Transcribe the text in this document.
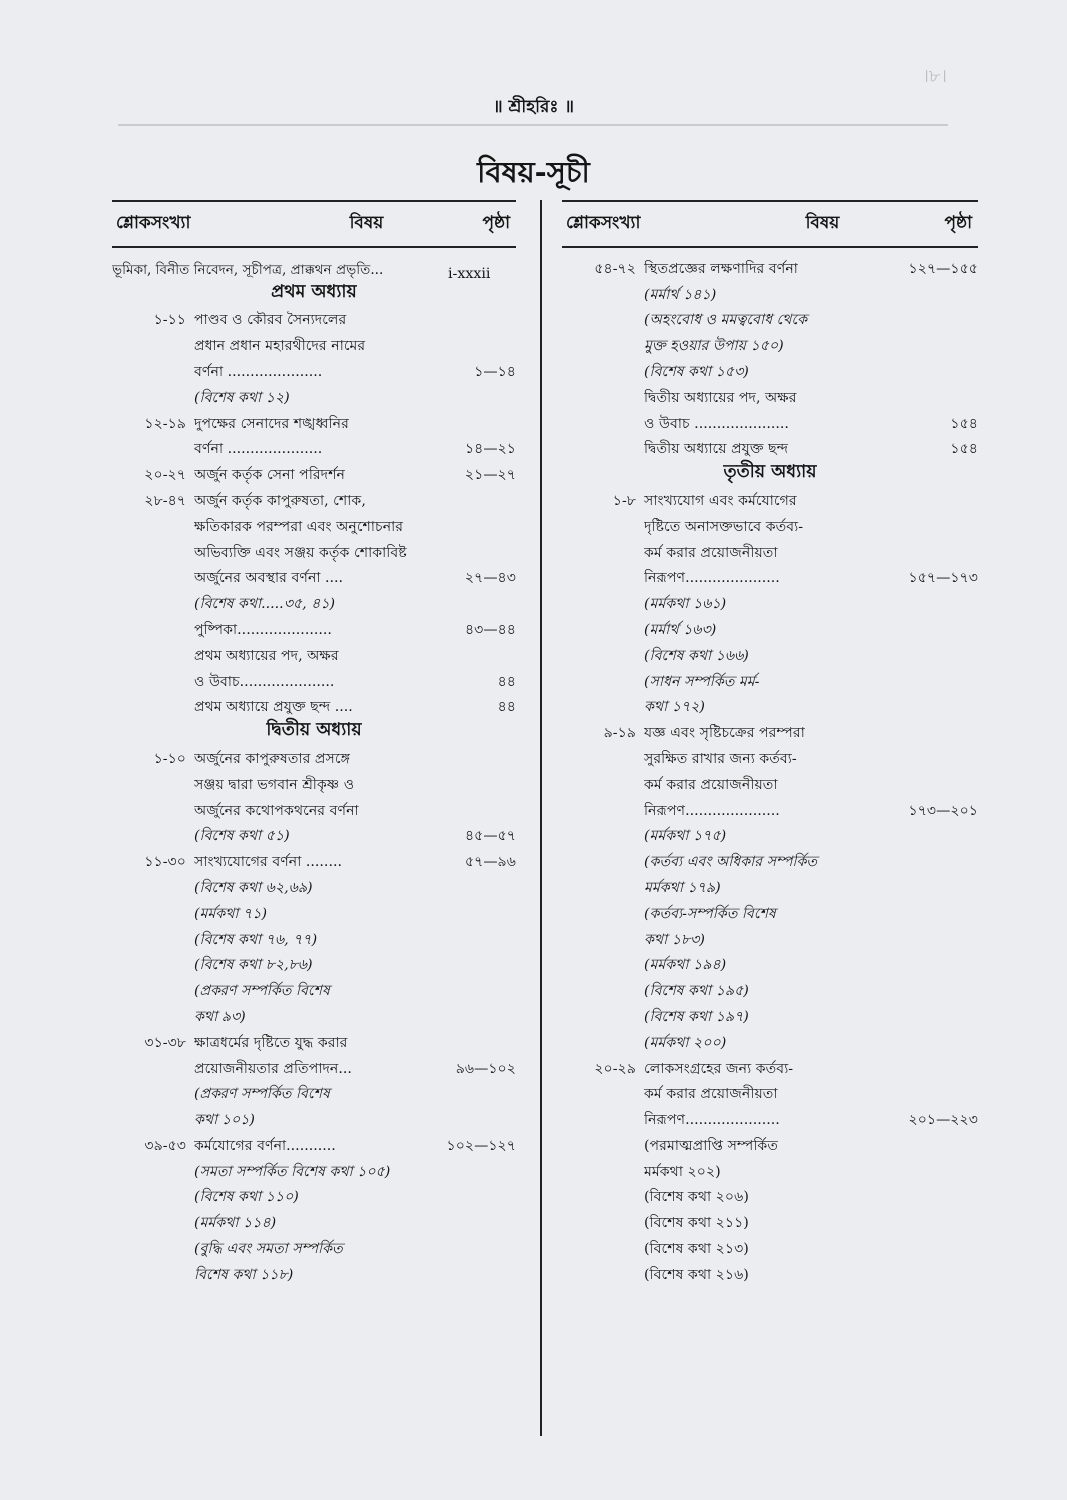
।৮।
॥ শ্রীহরিঃ ॥
বিষয়-সূচী
শ্লোকসংখ্যা	বিষয়	পৃষ্ঠা
ভূমিকা, বিনীত নিবেদন, সূচীপত্র, প্রাক্কথন প্রভৃতি...	i-xxxii
প্রথম অধ্যায়
১-১১ পাণ্ডব ও কৌরব সৈন্যদলের
প্রধান প্রধান মহারথীদের নামের
বর্ণনা .....................	১—১৪
(বিশেষ কথা ১২)
১২-১৯ দুপক্ষের সেনাদের শঙ্খধ্বনির
বর্ণনা .....................	১৪—২১
২০-২৭ অর্জুন কর্তৃক সেনা পরিদর্শন	২১—২৭
২৮-৪৭ অর্জুন কর্তৃক কাপুরুষতা, শোক,
ক্ষতিকারক পরম্পরা এবং অনুশোচনার
অভিব্যক্তি এবং সঞ্জয় কর্তৃক শোকাবিষ্ট
অর্জুনের অবস্থার বর্ণনা ....	২৭—৪৩
(বিশেষ কথা.....৩৫, ৪১)
পুষ্পিকা.....................	৪৩—৪৪
প্রথম অধ্যায়ের পদ, অক্ষর
ও উবাচ.....................	৪৪
প্রথম অধ্যায়ে প্রযুক্ত ছন্দ ....	৪৪
দ্বিতীয় অধ্যায়
১-১০ অর্জুনের কাপুরুষতার প্রসঙ্গে
সঞ্জয় দ্বারা ভগবান শ্রীকৃষ্ণ ও
অর্জুনের কথোপকথনের বর্ণনা
(বিশেষ কথা ৫১)	৪৫—৫৭
১১-৩০ সাংখ্যযোগের বর্ণনা ........	৫৭—৯৬
(বিশেষ কথা ৬২,৬৯)
(মর্মকথা ৭১)
(বিশেষ কথা ৭৬, ৭৭)
(বিশেষ কথা ৮২,৮৬)
(প্রকরণ সম্পর্কিত বিশেষ
কথা ৯৩)
৩১-৩৮ ক্ষাত্রধর্মের দৃষ্টিতে যুদ্ধ করার
প্রয়োজনীয়তার প্রতিপাদন...	৯৬—১০২
(প্রকরণ সম্পর্কিত বিশেষ
কথা ১০১)
৩৯-৫৩ কর্মযোগের বর্ণনা...........	১০২—১২৭
(সমতা সম্পর্কিত বিশেষ কথা ১০৫)
(বিশেষ কথা ১১০)
(মর্মকথা ১১৪)
(বুদ্ধি এবং সমতা সম্পর্কিত
বিশেষ কথা ১১৮)
শ্লোকসংখ্যা	বিষয়	পৃষ্ঠা
৫৪-৭২ স্থিতপ্রজ্ঞের লক্ষণাদির বর্ণনা	১২৭—১৫৫
(মর্মার্থ ১৪১)
(অহংবোধ ও মমত্ববোধ থেকে
মুক্ত হওয়ার উপায় ১৫০)
(বিশেষ কথা ১৫৩)
দ্বিতীয় অধ্যায়ের পদ, অক্ষর
ও উবাচ .....................	১৫৪
দ্বিতীয় অধ্যায়ে প্রযুক্ত ছন্দ	১৫৪
তৃতীয় অধ্যায়
১-৮ সাংখ্যযোগ এবং কর্মযোগের
দৃষ্টিতে অনাসক্তভাবে কর্তব্য-
কর্ম করার প্রয়োজনীয়তা
নিরূপণ.....................	১৫৭—১৭৩
(মর্মকথা ১৬১)
(মর্মার্থ ১৬৩)
(বিশেষ কথা ১৬৬)
(সাধন সম্পর্কিত মর্ম-
কথা ১৭২)
৯-১৯ যজ্ঞ এবং সৃষ্টিচক্রের পরম্পরা
সুরক্ষিত রাখার জন্য কর্তব্য-
কর্ম করার প্রয়োজনীয়তা
নিরূপণ.....................	১৭৩—২০১
(মর্মকথা ১৭৫)
(কর্তব্য এবং অধিকার সম্পর্কিত
মর্মকথা ১৭৯)
(কর্তব্য-সম্পর্কিত বিশেষ
কথা ১৮৩)
(মর্মকথা ১৯৪)
(বিশেষ কথা ১৯৫)
(বিশেষ কথা ১৯৭)
(মর্মকথা ২০০)
২০-২৯ লোকসংগ্রহের জন্য কর্তব্য-
কর্ম করার প্রয়োজনীয়তা
নিরূপণ.....................	২০১—২২৩
(পরমাত্মপ্রাপ্তি সম্পর্কিত
মর্মকথা ২০২)
(বিশেষ কথা ২০৬)
(বিশেষ কথা ২১১)
(বিশেষ কথা ২১৩)
(বিশেষ কথা ২১৬)
